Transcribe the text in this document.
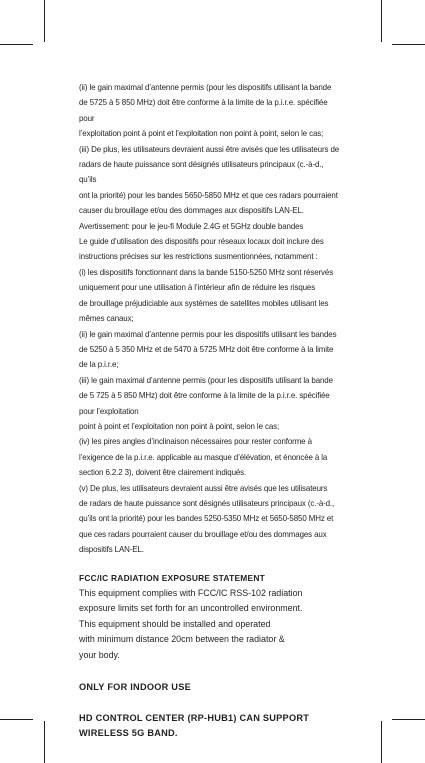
(ii) le gain maximal d’antenne permis (pour les dispositifs utilisant la bande

de 5725 à 5 850 MHz) doit être conforme à la limite de la p.i.r.e. spécifiée pour

l’exploitation point à point et l’exploitation non point à point, selon le cas;

(iii) De plus, les utilisateurs devraient aussi être avisés que les utilisateurs de

radars de haute puissance sont désignés utilisateurs principaux (c.-à-d., qu’ils

ont la priorité) pour les bandes 5650-5850 MHz et que ces radars pourraient

causer du brouillage et/ou des dommages aux dispositifs LAN-EL.

Avertissement: pour le jeu-fi Module 2.4G et 5GHz double bandes

Le guide d’utilisation des dispositifs pour réseaux locaux doit inclure des

instructions précises sur les restrictions susmentionnées, notamment :

(i) les dispositifs fonctionnant dans la bande 5150-5250 MHz sont réservés

uniquement pour une utilisation à l’intérieur afin de réduire les risques

de brouillage préjudiciable aux systèmes de satellites mobiles utilisant les

mêmes canaux;

(ii) le gain maximal d’antenne permis pour les dispositifs utilisant les bandes

de 5250 à 5 350 MHz et de 5470 à 5725 MHz doit être conforme à la limite

de la p.i.r.e;

(iii) le gain maximal d’antenne permis (pour les dispositifs utilisant la bande

de 5 725 à 5 850 MHz) doit être conforme à la limite de la p.i.r.e. spécifiée

pour l’exploitation

point à point et l’exploitation non point à point, selon le cas;

(iv) les pires angles d’inclinaison nécessaires pour rester conforme à

l’exigence de la p.i.r.e. applicable au masque d’élévation, et énoncée à la

section 6.2.2 3), doivent être clairement indiqués.

(v) De plus, les utilisateurs devraient aussi être avisés que les utilisateurs

de radars de haute puissance sont désignés utilisateurs principaux (c.-à-d.,

qu’ils ont la priorité) pour les bandes 5250-5350 MHz et 5650-5850 MHz et

que ces radars pourraient causer du brouillage et/ou des dommages aux

dispositifs LAN-EL.

FCC/IC RADIATION EXPOSURE STATEMENT

This equipment complies with FCC/IC RSS-102 radiation

exposure limits set forth for an uncontrolled environment.

This equipment should be installed and operated

with minimum distance 20cm between the radiator &

your body.

ONLY FOR INDOOR USE
HD CONTROL CENTER (RP-HUB1) CAN SUPPORT
WIRELESS 5G BAND.
